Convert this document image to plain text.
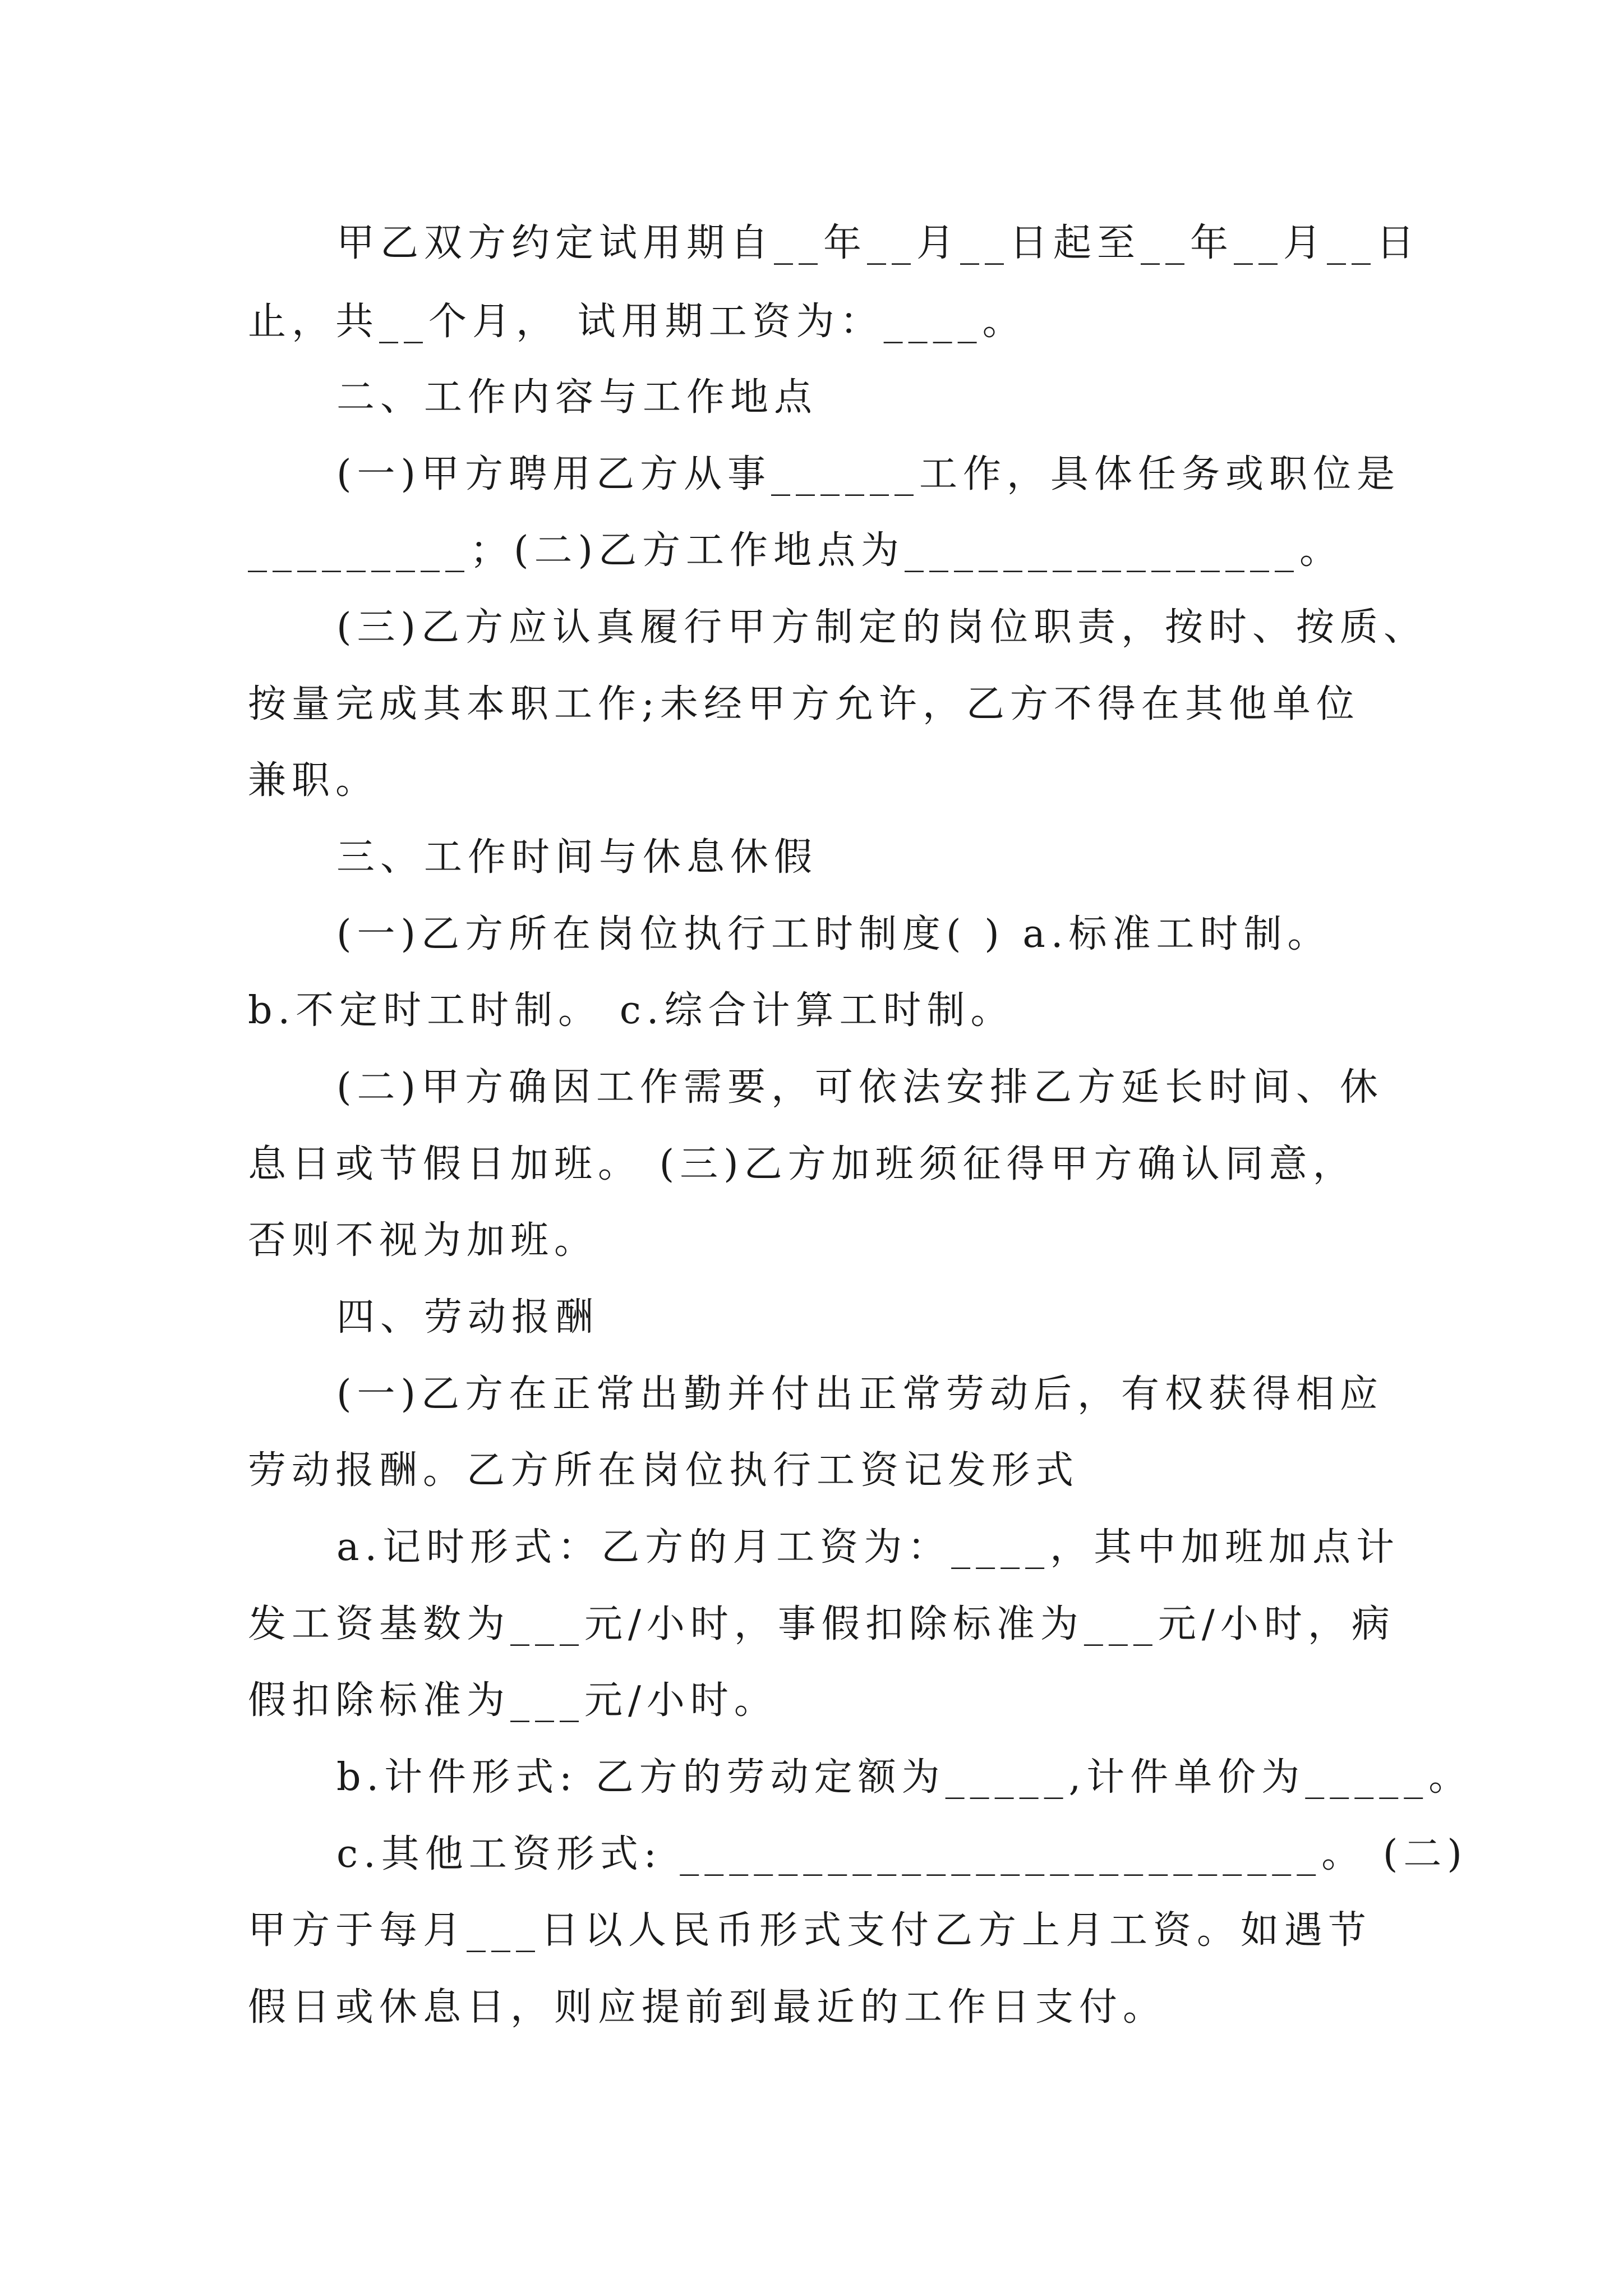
甲乙双方约定试用期自__年__月__日起至__年__月__日
止，共__个月， 试用期工资为：____。
二、工作内容与工作地点
(一)甲方聘用乙方从事______工作，具体任务或职位是
_________；(二)乙方工作地点为________________。
(三)乙方应认真履行甲方制定的岗位职责，按时、按质、
按量完成其本职工作;未经甲方允许，乙方不得在其他单位
兼职。
三、工作时间与休息休假
(一)乙方所在岗位执行工时制度( ) a.标准工时制。
b.不定时工时制。 c.综合计算工时制。
(二)甲方确因工作需要，可依法安排乙方延长时间、休
息日或节假日加班。 (三)乙方加班须征得甲方确认同意，
否则不视为加班。
四、劳动报酬
(一)乙方在正常出勤并付出正常劳动后，有权获得相应
劳动报酬。乙方所在岗位执行工资记发形式
a.记时形式：乙方的月工资为：____，其中加班加点计
发工资基数为___元/小时，事假扣除标准为___元/小时，病
假扣除标准为___元/小时。
b.计件形式: 乙方的劳动定额为_____,计件单价为_____。
c.其他工资形式: __________________________。 (二)
甲方于每月___日以人民币形式支付乙方上月工资。如遇节
假日或休息日，则应提前到最近的工作日支付。
